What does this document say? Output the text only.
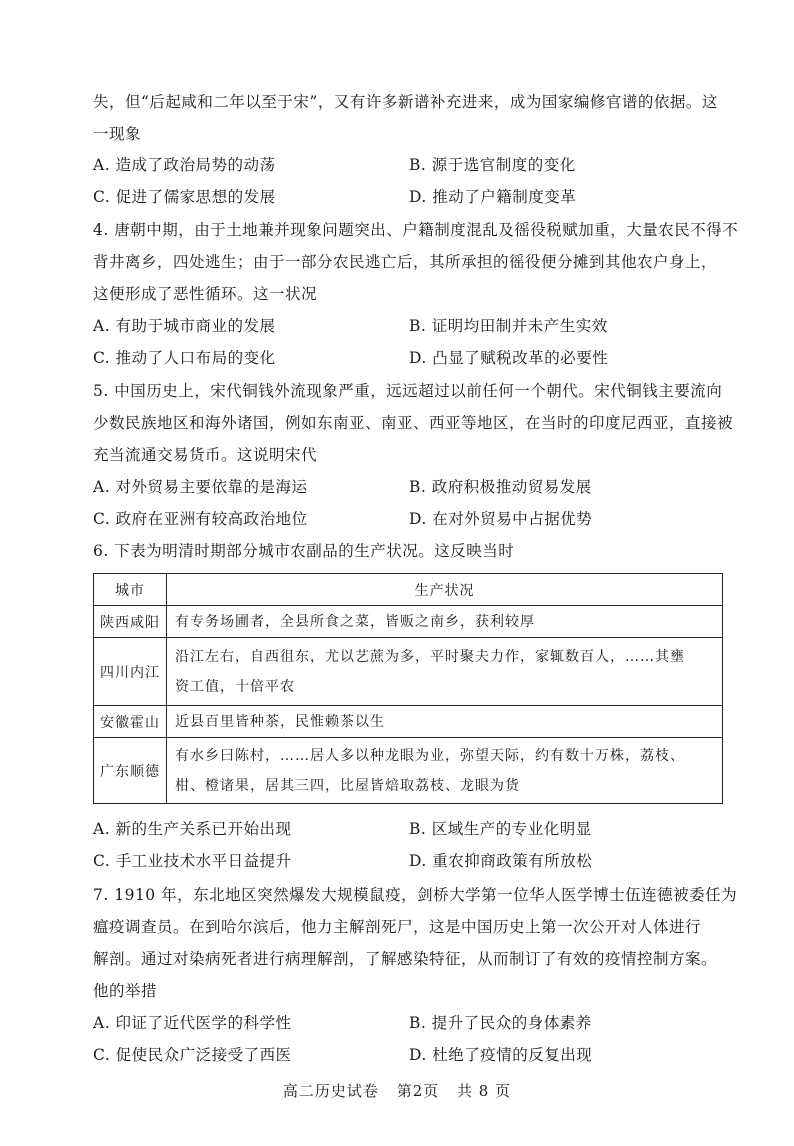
失，但“后起咸和二年以至于宋”，又有许多新谱补充进来，成为国家编修官谱的依据。这
一现象
A. 造成了政治局势的动荡	B. 源于选官制度的变化
C. 促进了儒家思想的发展	D. 推动了户籍制度变革
4. 唐朝中期，由于土地兼并现象问题突出、户籍制度混乱及徭役税赋加重，大量农民不得不
背井离乡，四处逃生；由于一部分农民逃亡后，其所承担的徭役便分摊到其他农户身上，
这便形成了恶性循环。这一状况
A. 有助于城市商业的发展	B. 证明均田制并未产生实效
C. 推动了人口布局的变化	D. 凸显了赋税改革的必要性
5. 中国历史上，宋代铜钱外流现象严重，远远超过以前任何一个朝代。宋代铜钱主要流向
少数民族地区和海外诸国，例如东南亚、南亚、西亚等地区，在当时的印度尼西亚，直接被
充当流通交易货币。这说明宋代
A. 对外贸易主要依靠的是海运	B. 政府积极推动贸易发展
C. 政府在亚洲有较高政治地位	D. 在对外贸易中占据优势
6. 下表为明清时期部分城市农副品的生产状况。这反映当时
城市	生产状况
陕西咸阳	有专务场圃者，全县所食之菜，皆贩之南乡，获利较厚

四川内江	沿江左右，自西徂东，尤以艺蔗为多，平时聚夫力作，家辄数百人，……其壅
资工值，十倍平农

安徽霍山	近县百里皆种茶，民惟赖茶以生

广东顺德	有水乡曰陈村，……居人多以种龙眼为业，弥望天际，约有数十万株，荔枝、
柑、橙诸果，居其三四，比屋皆焙取荔枝、龙眼为货
A. 新的生产关系已开始出现	B. 区域生产的专业化明显
C. 手工业技术水平日益提升	D. 重农抑商政策有所放松
7. 1910 年，东北地区突然爆发大规模鼠疫，剑桥大学第一位华人医学博士伍连德被委任为
瘟疫调查员。在到哈尔滨后，他力主解剖死尸，这是中国历史上第一次公开对人体进行
解剖。通过对染病死者进行病理解剖，了解感染特征，从而制订了有效的疫情控制方案。
他的举措
A. 印证了近代医学的科学性	B. 提升了民众的身体素养
C. 促使民众广泛接受了西医	D. 杜绝了疫情的反复出现
高二历史试卷 第2页 共 8 页
